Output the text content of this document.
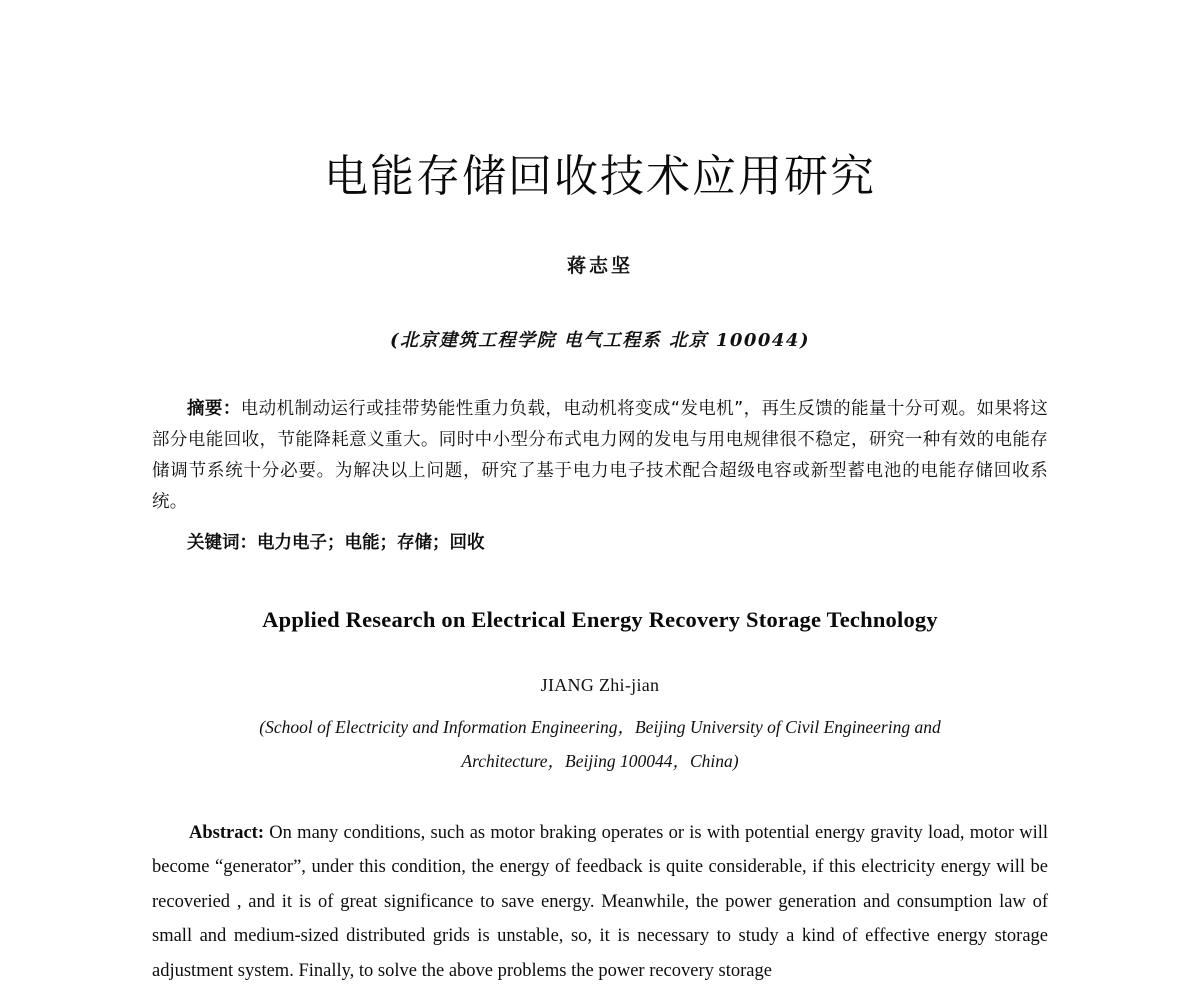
电能存储回收技术应用研究
蒋志坚
(北京建筑工程学院 电气工程系 北京 100044)

摘要：电动机制动运行或挂带势能性重力负载，电动机将变成“发电机”，再生反馈的能量十分可观。如果将这部分电能回收，节能降耗意义重大。同时中小型分布式电力网的发电与用电规律很不稳定，研究一种有效的电能存储调节系统十分必要。为解决以上问题，研究了基于电力电子技术配合超级电容或新型蓄电池的电能存储回收系统。

关键词：电力电子；电能；存储；回收
Applied Research on Electrical Energy Recovery Storage Technology
JIANG Zhi-jian
(School of Electricity and Information Engineering，Beijing University of Civil Engineering and
Architecture，Beijing 100044，China)
Abstract: On many conditions, such as motor braking operates or is with potential energy gravity load, motor will become “generator”, under this condition, the energy of feedback is quite considerable, if this electricity energy will be recoveried , and it is of great significance to save energy. Meanwhile, the power generation and consumption law of small and medium-sized distributed grids is unstable, so, it is necessary to study a kind of effective energy storage adjustment system. Finally, to solve the above problems the power recovery storage
